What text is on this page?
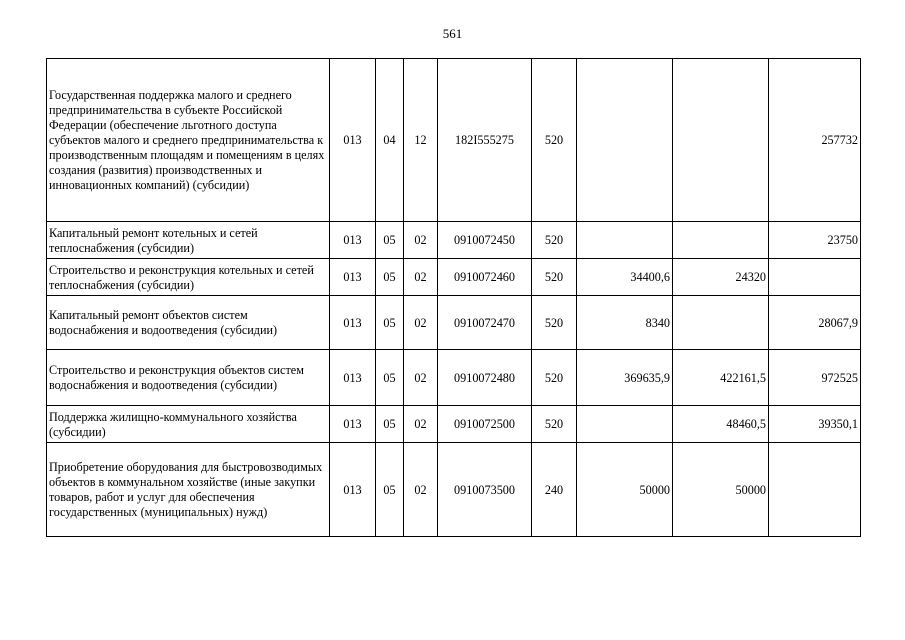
561
Государственная поддержка малого и среднего предпринимательства в субъекте Российской Федерации (обеспечение льготного доступа субъектов малого и среднего предпринимательства к производственным площадям и помещениям в целях создания (развития) производственных и инновационных компаний) (субсидии)	013	04	12	182I555275	520			257732
Капитальный ремонт котельных и сетей теплоснабжения (субсидии)	013	05	02	0910072450	520			23750
Строительство и реконструкция котельных и сетей теплоснабжения (субсидии)	013	05	02	0910072460	520	34400,6	24320	
Капитальный ремонт объектов систем водоснабжения и водоотведения (субсидии)	013	05	02	0910072470	520	8340		28067,9
Строительство и реконструкция объектов систем водоснабжения и водоотведения (субсидии)	013	05	02	0910072480	520	369635,9	422161,5	972525
Поддержка жилищно-коммунального хозяйства (субсидии)	013	05	02	0910072500	520		48460,5	39350,1
Приобретение оборудования для быстровозводимых объектов в коммунальном хозяйстве (иные закупки товаров, работ и услуг для обеспечения государственных (муниципальных) нужд)	013	05	02	0910073500	240	50000	50000	
